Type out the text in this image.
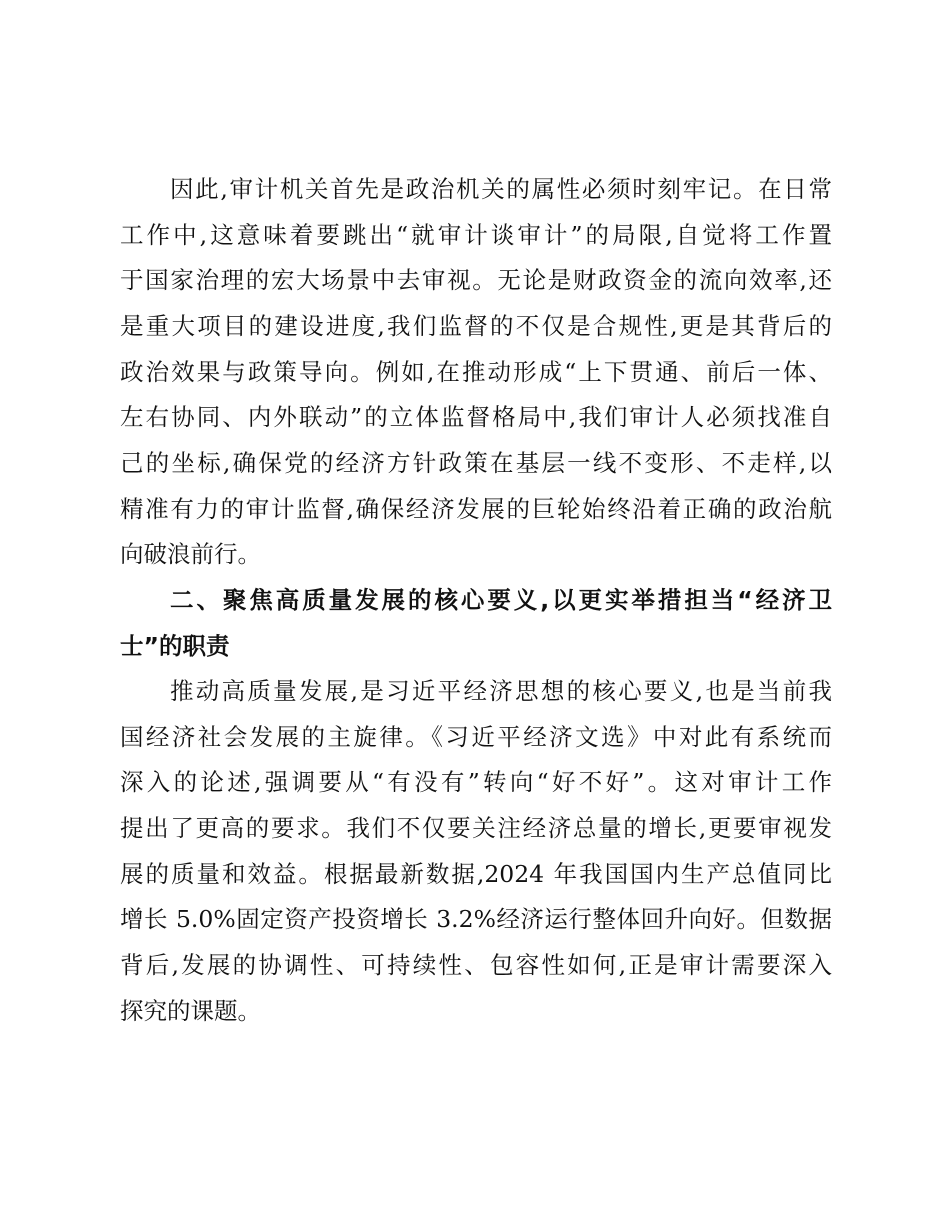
因此,审计机关首先是政治机关的属性必须时刻牢记。在日常
工作中,这意味着要跳出“就审计谈审计”的局限,自觉将工作置
于国家治理的宏大场景中去审视。无论是财政资金的流向效率,还
是重大项目的建设进度,我们监督的不仅是合规性,更是其背后的
政治效果与政策导向。例如,在推动形成“上下贯通、前后一体、
左右协同、内外联动”的立体监督格局中,我们审计人必须找准自
己的坐标,确保党的经济方针政策在基层一线不变形、不走样,以
精准有力的审计监督,确保经济发展的巨轮始终沿着正确的政治航
向破浪前行。
二、聚焦高质量发展的核心要义,以更实举措担当“经济卫
士”的职责
推动高质量发展,是习近平经济思想的核心要义,也是当前我
国经济社会发展的主旋律。《习近平经济文选》中对此有系统而
深入的论述,强调要从“有没有”转向“好不好”。这对审计工作
提出了更高的要求。我们不仅要关注经济总量的增长,更要审视发
展的质量和效益。根据最新数据,2024 年我国国内生产总值同比
增长 5.0%固定资产投资增长 3.2%经济运行整体回升向好。但数据
背后,发展的协调性、可持续性、包容性如何,正是审计需要深入
探究的课题。
